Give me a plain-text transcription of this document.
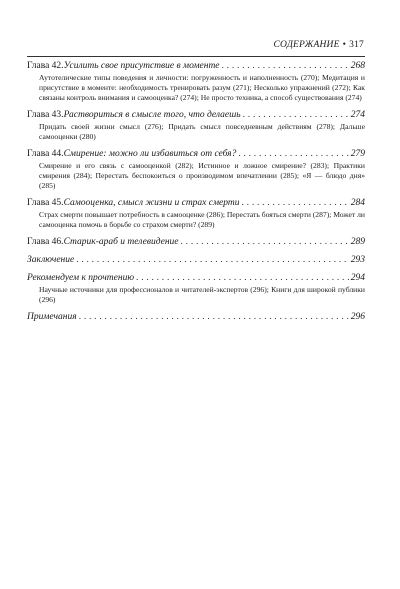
СОДЕРЖАНИЕ • 317
Глава 42. Усилить свое присутствие в моменте . . .	268
Аутотелические типы поведения и личности: погруженность и наполненность (270); Медитация и присутствие в моменте: необходимость тренировать разум (271); Несколько упражнений (272); Как связаны контроль внимания и самооценка? (274); Не просто техника, а способ существования (274)
Глава 43. Раствориться в смысле того, что делаешь . . .	274
Придать своей жизни смысл (276); Придать смысл повседневным действиям (278); Дальше самооценки (280)
Глава 44. Смирение: можно ли избавиться от себя? . . .	279
Смирение и его связь с самооценкой (282); Истинное и ложное смирение? (283); Практики смирения (284); Перестать беспокоиться о производимом впечатлении (285); «Я — блюдо дня» (285)
Глава 45. Самооценка, смысл жизни и страх смерти . . .	284
Страх смерти повышает потребность в самооценке (286); Перестать бояться смерти (287); Может ли самооценка помочь в борьбе со страхом смерти? (289)
Глава 46. Старик-араб и телевидение . . .	289
Заключение . . .	293
Рекомендуем к прочтению . . .	294
Научные источники для профессионалов и читателей-экспертов (296); Книги для широкой публики (296)
Примечания . . .	296
